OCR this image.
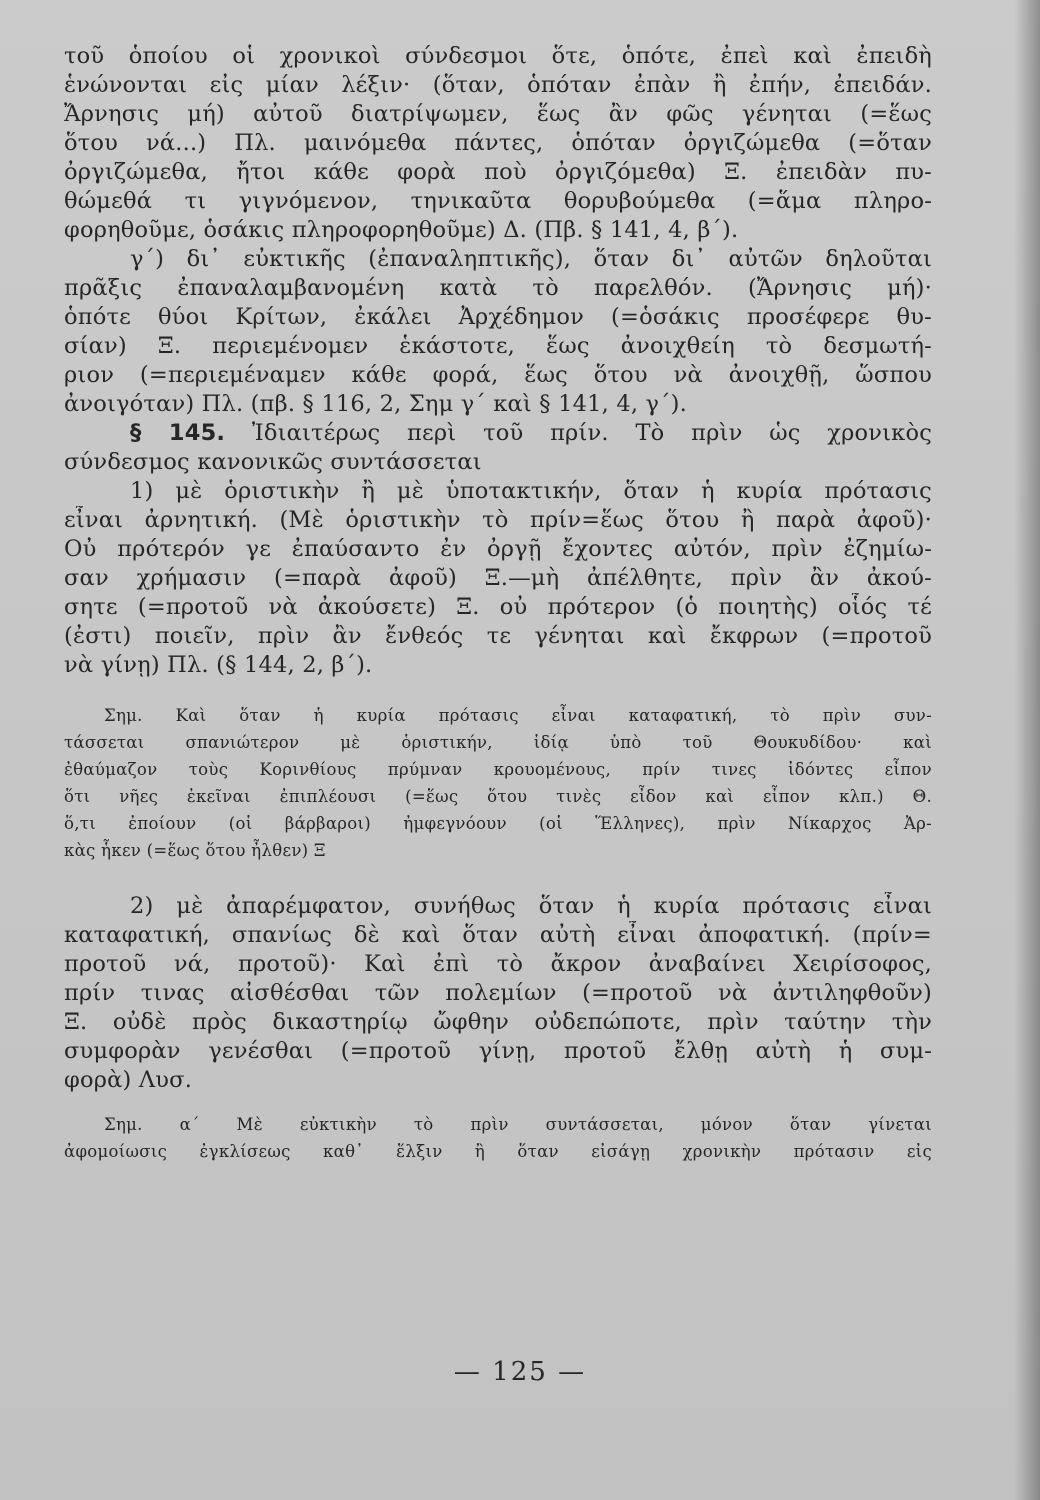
τοῦ ὁποίου οἱ χρονικοὶ σύνδεσμοι ὅτε, ὁπότε, ἐπεὶ καὶ ἐπειδὴ
ἑνώνονται εἰς μίαν λέξιν· (ὅταν, ὁπόταν ἐπὰν ἢ ἐπήν, ἐπειδάν.
Ἄρνησις μή) αὐτοῦ διατρίψωμεν, ἕως ἂν φῶς γένηται (=ἕως
ὅτου νά...) Πλ. μαινόμεθα πάντες, ὁπόταν ὀργιζώμεθα (=ὅταν
ὀργιζώμεθα, ἤτοι κάθε φορὰ ποὺ ὀργιζόμεθα) Ξ. ἐπειδὰν πυ-
θώμεθά τι γιγνόμενον, τηνικαῦτα θορυβούμεθα (=ἅμα πληρο-
φορηθοῦμε, ὁσάκις πληροφορηθοῦμε) Δ. (Πβ. § 141, 4, β΄).

γ΄) δι᾿ εὐκτικῆς (ἐπαναληπτικῆς), ὅταν δι᾿ αὐτῶν δηλοῦται
πρᾶξις ἐπαναλαμβανομένη κατὰ τὸ παρελθόν. (Ἄρνησις μή)·
ὁπότε θύοι Κρίτων, ἐκάλει Ἀρχέδημον (=ὁσάκις προσέφερε θυ-
σίαν) Ξ. περιεμένομεν ἑκάστοτε, ἕως ἀνοιχθείη τὸ δεσμωτή-
ριον (=περιεμέναμεν κάθε φορά, ἕως ὅτου νὰ ἀνοιχθῇ, ὥσπου
ἀνοιγόταν) Πλ. (πβ. § 116, 2, Σημ γ΄ καὶ § 141, 4, γ΄).

§ 145. Ἰδιαιτέρως περὶ τοῦ πρίν. Τὸ πρὶν ὡς χρονικὸς
σύνδεσμος κανονικῶς συντάσσεται

1) μὲ ὁριστικὴν ἢ μὲ ὑποτακτικήν, ὅταν ἡ κυρία πρότασις
εἶναι ἀρνητική. (Μὲ ὁριστικὴν τὸ πρίν=ἕως ὅτου ἢ παρὰ ἀφοῦ)·
Οὐ πρότερόν γε ἐπαύσαντο ἐν ὀργῇ ἔχοντες αὐτόν, πρὶν ἐζημίω-
σαν χρήμασιν (=παρὰ ἀφοῦ) Ξ.—μὴ ἀπέλθητε, πρὶν ἂν ἀκού-
σητε (=προτοῦ νὰ ἀκούσετε) Ξ. οὐ πρότερον (ὁ ποιητὴς) οἷός τέ
(ἐστι) ποιεῖν, πρὶν ἂν ἔνθεός τε γένηται καὶ ἔκφρων (=προτοῦ
νὰ γίνῃ) Πλ. (§ 144, 2, β΄).

Σημ. Καὶ ὅταν ἡ κυρία πρότασις εἶναι καταφατική, τὸ πρὶν συν-
τάσσεται σπανιώτερον μὲ ὁριστικήν, ἰδίᾳ ὑπὸ τοῦ Θουκυδίδου· καὶ
ἐθαύμαζον τοὺς Κορινθίους πρύμναν κρουομένους, πρίν τινες ἰδόντες εἶπον
ὅτι νῆες ἐκεῖναι ἐπιπλέουσι (=ἕως ὅτου τινὲς εἶδον καὶ εἶπον κλπ.) Θ.
ὅ,τι ἐποίουν (οἱ βάρβαροι) ἠμφεγνόουν (οἱ Ἕλληνες), πρὶν Νίκαρχος Ἀρ-
κὰς ἧκεν (=ἕως ὅτου ἦλθεν) Ξ

2) μὲ ἀπαρέμφατον, συνήθως ὅταν ἡ κυρία πρότασις εἶναι
καταφατική, σπανίως δὲ καὶ ὅταν αὐτὴ εἶναι ἀποφατική. (πρίν=
προτοῦ νά, προτοῦ)· Καὶ ἐπὶ τὸ ἄκρον ἀναβαίνει Χειρίσοφος,
πρίν τινας αἰσθέσθαι τῶν πολεμίων (=προτοῦ νὰ ἀντιληφθοῦν)
Ξ. οὐδὲ πρὸς δικαστηρίῳ ὤφθην οὐδεπώποτε, πρὶν ταύτην τὴν
συμφορὰν γενέσθαι (=προτοῦ γίνῃ, προτοῦ ἔλθῃ αὐτὴ ἡ συμ-
φορὰ) Λυσ.

Σημ. α΄ Μὲ εὐκτικὴν τὸ πρὶν συντάσσεται, μόνον ὅταν γίνεται
ἀφομοίωσις ἐγκλίσεως καθ᾿ ἕλξιν ἢ ὅταν εἰσάγῃ χρονικὴν πρότασιν εἰς

— 125 —
